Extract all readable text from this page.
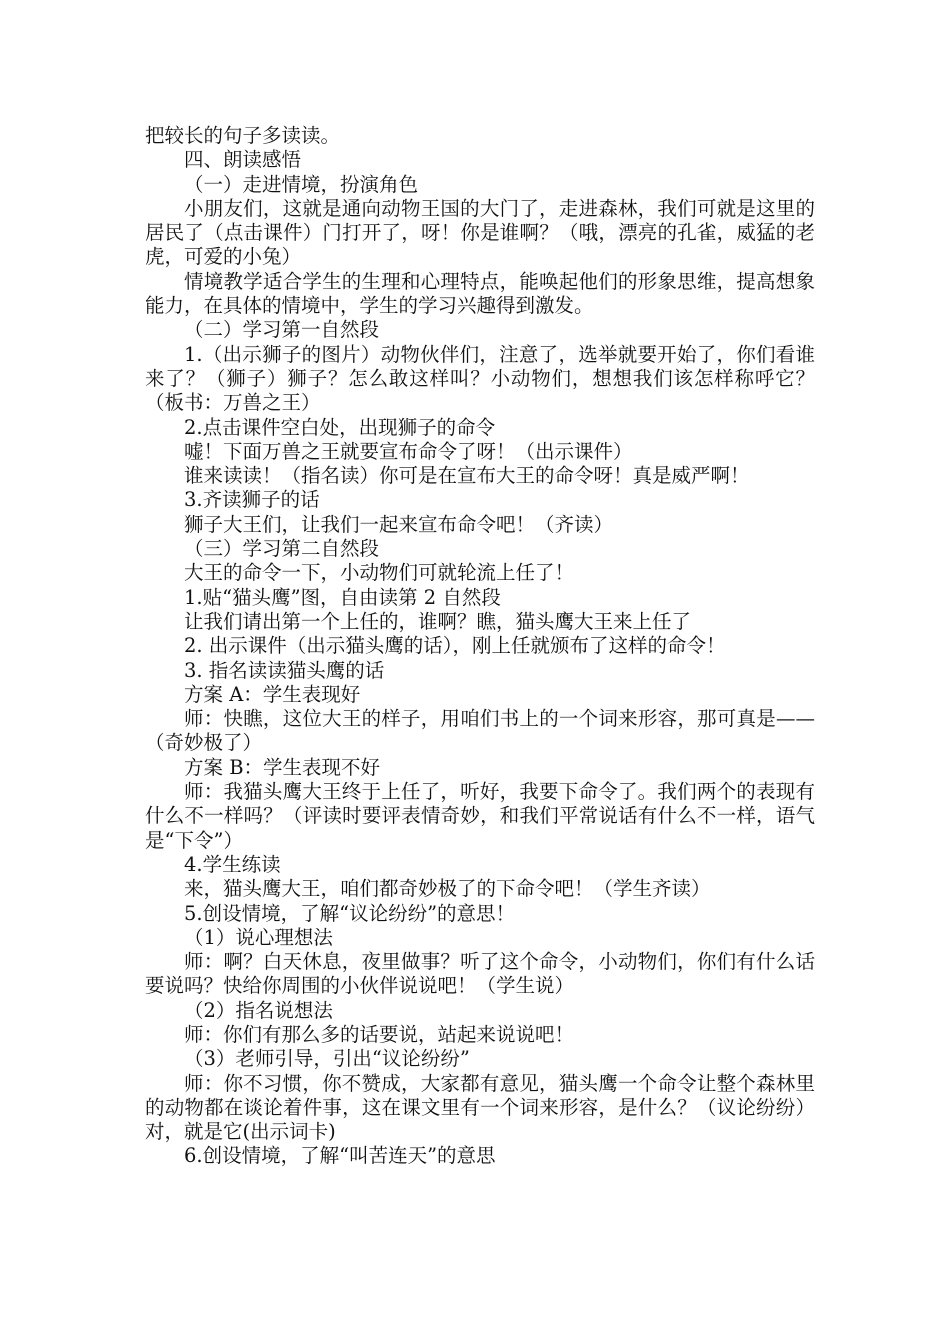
把较长的句子多读读。

四、朗读感悟

（一）走进情境，扮演角色

小朋友们，这就是通向动物王国的大门了，走进森林，我们可就是这里的居民了（点击课件）门打开了，呀！你是谁啊？（哦，漂亮的孔雀，威猛的老虎，可爱的小兔）

情境教学适合学生的生理和心理特点，能唤起他们的形象思维，提高想象能力，在具体的情境中，学生的学习兴趣得到激发。

（二）学习第一自然段

1.（出示狮子的图片）动物伙伴们，注意了，选举就要开始了，你们看谁来了？（狮子）狮子？怎么敢这样叫？小动物们，想想我们该怎样称呼它？（板书：万兽之王）

2.点击课件空白处，出现狮子的命令

嘘！下面万兽之王就要宣布命令了呀！（出示课件）

谁来读读！（指名读）你可是在宣布大王的命令呀！真是威严啊！

3.齐读狮子的话

狮子大王们，让我们一起来宣布命令吧！（齐读）

（三）学习第二自然段

大王的命令一下，小动物们可就轮流上任了！

1.贴“猫头鹰”图，自由读第 2 自然段

让我们请出第一个上任的，谁啊？瞧，猫头鹰大王来上任了

2. 出示课件（出示猫头鹰的话），刚上任就颁布了这样的命令！

3. 指名读读猫头鹰的话

方案 A：学生表现好

师：快瞧，这位大王的样子，用咱们书上的一个词来形容，那可真是——（奇妙极了）

方案 B：学生表现不好

师：我猫头鹰大王终于上任了，听好，我要下命令了。我们两个的表现有什么不一样吗？（评读时要评表情奇妙，和我们平常说话有什么不一样，语气是“下令”）

4.学生练读

来，猫头鹰大王，咱们都奇妙极了的下命令吧！（学生齐读）

5.创设情境，了解“议论纷纷”的意思！

（1）说心理想法

师：啊？白天休息，夜里做事？听了这个命令，小动物们，你们有什么话要说吗？快给你周围的小伙伴说说吧！（学生说）

（2）指名说想法

师：你们有那么多的话要说，站起来说说吧！

（3）老师引导，引出“议论纷纷”

师：你不习惯，你不赞成，大家都有意见，猫头鹰一个命令让整个森林里的动物都在谈论着件事，这在课文里有一个词来形容，是什么？（议论纷纷）对，就是它(出示词卡)

6.创设情境，了解“叫苦连天”的意思
